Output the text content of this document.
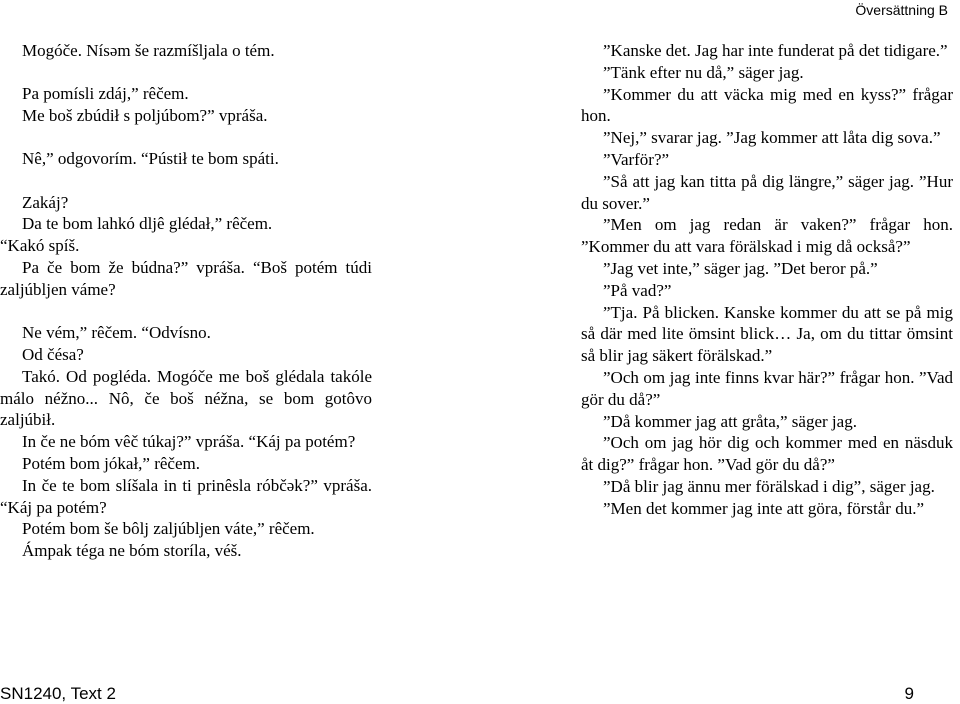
Översättning B

Mogóče. Nísǝm še razmíšljala o tém.

Pa pomísli zdáj,” rêčem.

Me boš zbúdił s poljúbom?” vpráša.

Nê,” odgovorím. “Pústił te bom spáti.

Zakáj?

Da te bom lahkó dljê glédał,” rêčem.

“Kakó spíš.

Pa če bom že búdna?” vpráša. “Boš potém túdi zaljúbljen váme?

Ne vém,” rêčem. “Odvísno.

Od čésa?

Takó. Od pogléda. Mogóče me boš glédala takóle málo néžno... Nô, če boš néžna, se bom gotôvo zaljúbił.

In če ne bóm vêč túkaj?” vpráša. “Káj pa potém?

Potém bom jókał,” rêčem.

In če te bom slíšala in ti prinêsla róbčǝk?” vpráša. “Káj pa potém?

Potém bom še bôlj zaljúbljen váte,” rêčem.

Ámpak téga ne bóm storíla, véš.

”Kanske det. Jag har inte funderat på det tidigare.”

”Tänk efter nu då,” säger jag.

”Kommer du att väcka mig med en kyss?” frågar hon.

”Nej,” svarar jag. ”Jag kommer att låta dig sova.”

”Varför?”

”Så att jag kan titta på dig längre,” säger jag. ”Hur du sover.”

”Men om jag redan är vaken?” frågar hon. ”Kommer du att vara förälskad i mig då också?”

”Jag vet inte,” säger jag. ”Det beror på.”

”På vad?”

”Tja. På blicken. Kanske kommer du att se på mig så där med lite ömsint blick… Ja, om du tittar ömsint så blir jag säkert förälskad.”

”Och om jag inte finns kvar här?” frågar hon. ”Vad gör du då?”

”Då kommer jag att gråta,” säger jag.

”Och om jag hör dig och kommer med en näsduk åt dig?” frågar hon. ”Vad gör du då?”

”Då blir jag ännu mer förälskad i dig”, säger jag.

”Men det kommer jag inte att göra, förstår du.”

SN1240, Text 2	9
